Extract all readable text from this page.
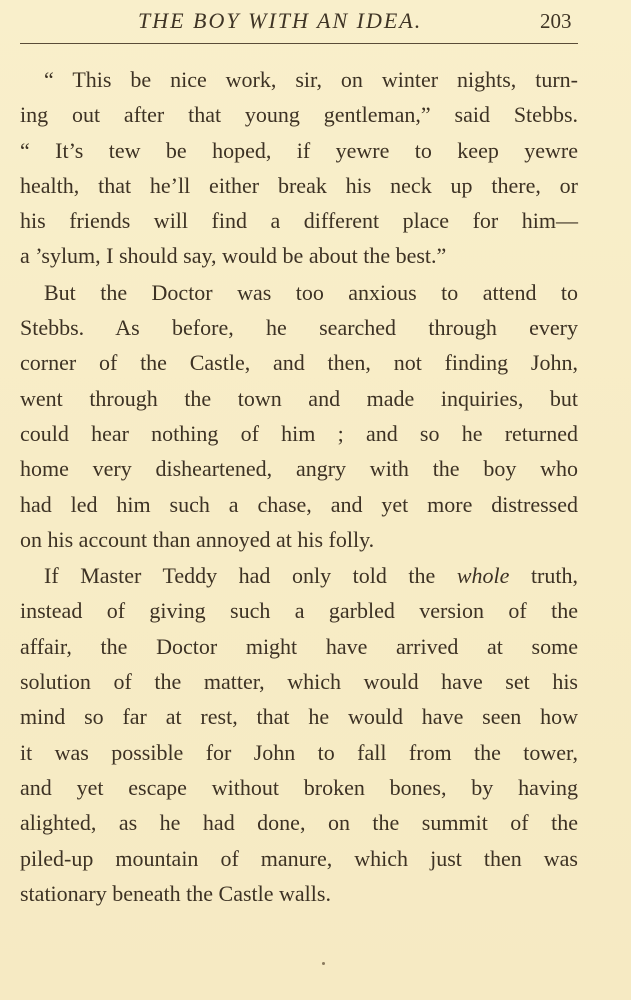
THE BOY WITH AN IDEA.	203
“ This be nice work, sir, on winter nights, turn-
ing out after that young gentleman,” said Stebbs.
“ It’s tew be hoped, if yewre to keep yewre
health, that he’ll either break his neck up there, or
his friends will find a different place for him—
a ’sylum, I should say, would be about the best.”
But the Doctor was too anxious to attend to
Stebbs. As before, he searched through every
corner of the Castle, and then, not finding John,
went through the town and made inquiries, but
could hear nothing of him ; and so he returned
home very disheartened, angry with the boy who
had led him such a chase, and yet more distressed
on his account than annoyed at his folly.
If Master Teddy had only told the whole truth,
instead of giving such a garbled version of the
affair, the Doctor might have arrived at some
solution of the matter, which would have set his
mind so far at rest, that he would have seen how
it was possible for John to fall from the tower,
and yet escape without broken bones, by having
alighted, as he had done, on the summit of the
piled-up mountain of manure, which just then was
stationary beneath the Castle walls.
